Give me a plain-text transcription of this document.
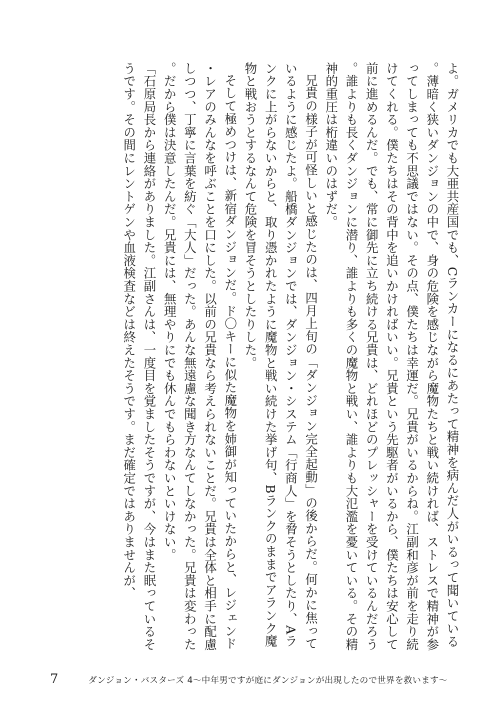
よ。ガメリカでも大亜共産国でも、Cランカーになるにあたって精神を病んだ人がいるって聞いている。薄暗く狭いダンジョンの中で、身の危険を感じながら魔物たちと戦い続ければ、ストレスで精神が参ってしまっても不思議ではない。その点、僕たちは幸運だ。兄貴がいるからね。江副和彦が前を走り続けてくれる。僕たちはその背中を追いかければいい。兄貴という先駆者がいるから、僕たちは安心して前に進めるんだ。でも、常に御先に立ち続ける兄貴は、どれほどのプレッシャーを受けているんだろう。誰よりも長くダンジョンに潜り、誰よりも多くの魔物と戦い、誰よりも大氾濫を憂いている。その精神的重圧は桁違いのはずだ。

兄貴の様子が可怪しいと感じたのは、四月上旬の「ダンジョン完全起動」の後からだ。何かに焦っているように感じたよ。船橋ダンジョンでは、ダンジョン・システム「行商人」を脅そうとしたり、Aランクに上がらないからと、取り憑かれたように魔物と戦い続けた挙げ句、Bランクのままでアランク魔物と戦おうとするなんて危険を冒そうとしたりした。

そして極めつけは、新宿ダンジョンだ。ド〇キーに似た魔物を姉御が知っていたからと、レジェンド・レアのみんなを呼ぶことを口にした。以前の兄貴なら考えられないことだ。兄貴は全体と相手に配慮しつつ、丁寧に言葉を紡ぐ「大人」だった。あんな無遠慮な聞き方なんてしなかった。兄貴は変わった。だから僕は決意したんだ。兄貴には、無理やりにでも休んでもらわないといけない。

「石原局長から連絡がありました。江副さんは、一度目を覚ましたそうですが、今はまた眠っているそうです。その間にレントゲンや血液検査などは終えたそうです。まだ確定ではありませんが、

7	ダンジョン・バスターズ 4〜中年男ですが庭にダンジョンが出現したので世界を救います〜
